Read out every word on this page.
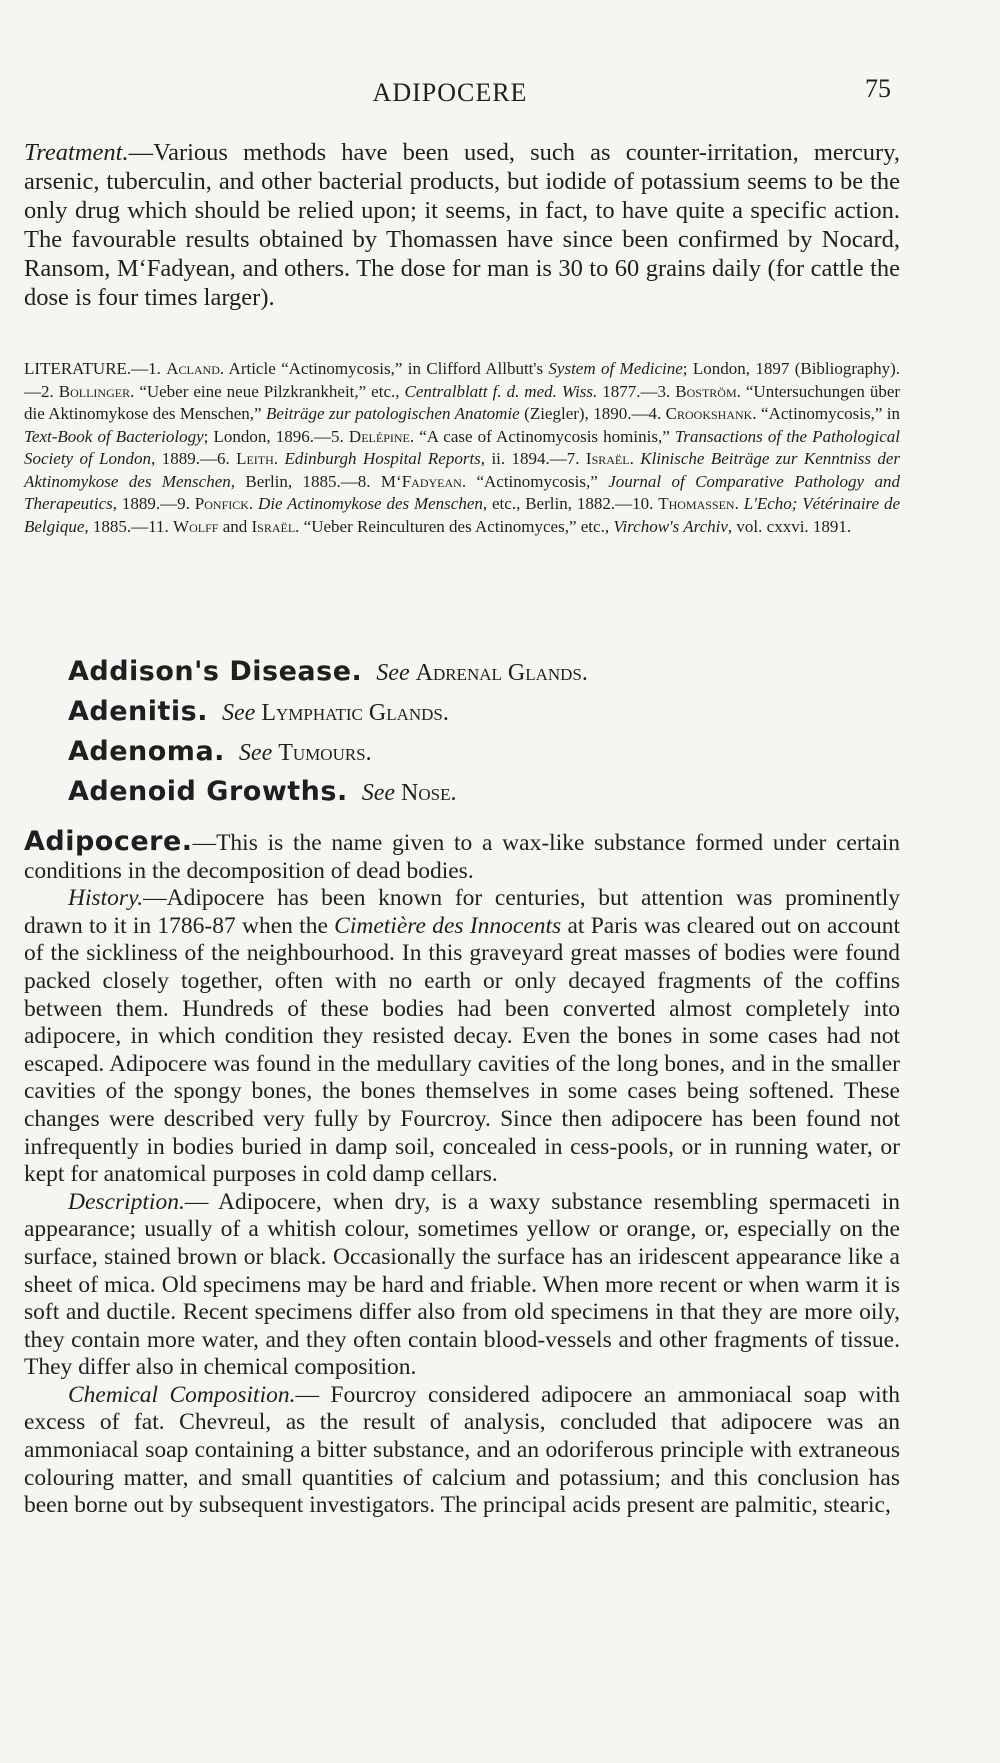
ADIPOCERE	75
Treatment.—Various methods have been used, such as counter-irritation, mercury, arsenic, tuberculin, and other bacterial products, but iodide of potassium seems to be the only drug which should be relied upon; it seems, in fact, to have quite a specific action. The favourable results obtained by Thomassen have since been confirmed by Nocard, Ransom, M‘Fadyean, and others. The dose for man is 30 to 60 grains daily (for cattle the dose is four times larger).
LITERATURE.—1. Acland. Article “Actinomycosis,” in Clifford Allbutt's System of Medicine; London, 1897 (Bibliography).—2. Bollinger. “Ueber eine neue Pilzkrankheit,” etc., Centralblatt f. d. med. Wiss. 1877.—3. Boström. “Untersuchungen über die Aktinomykose des Menschen,” Beiträge zur patologischen Anatomie (Ziegler), 1890.—4. Crookshank. “Actinomycosis,” in Text-Book of Bacteriology; London, 1896.—5. Delépine. “A case of Actinomycosis hominis,” Transactions of the Pathological Society of London, 1889.—6. Leith. Edinburgh Hospital Reports, ii. 1894.—7. Israël. Klinische Beiträge zur Kenntniss der Aktinomykose des Menschen, Berlin, 1885.—8. M‘Fadyean. “Actinomycosis,” Journal of Comparative Pathology and Therapeutics, 1889.—9. Ponfick. Die Actinomykose des Menschen, etc., Berlin, 1882.—10. Thomassen. L'Echo; Vétérinaire de Belgique, 1885.—11. Wolff and Israël. “Ueber Reinculturen des Actinomyces,” etc., Virchow's Archiv, vol. cxxvi. 1891.
Addison's Disease. See Adrenal Glands.
Adenitis. See Lymphatic Glands.
Adenoma. See Tumours.
Adenoid Growths. See Nose.

Adipocere.—This is the name given to a wax-like substance formed under certain conditions in the decomposition of dead bodies.

History.—Adipocere has been known for centuries, but attention was prominently drawn to it in 1786-87 when the Cimetière des Innocents at Paris was cleared out on account of the sickliness of the neighbourhood. In this graveyard great masses of bodies were found packed closely together, often with no earth or only decayed fragments of the coffins between them. Hundreds of these bodies had been converted almost completely into adipocere, in which condition they resisted decay. Even the bones in some cases had not escaped. Adipocere was found in the medullary cavities of the long bones, and in the smaller cavities of the spongy bones, the bones themselves in some cases being softened. These changes were described very fully by Fourcroy. Since then adipocere has been found not infrequently in bodies buried in damp soil, concealed in cess-pools, or in running water, or kept for anatomical purposes in cold damp cellars.

Description.— Adipocere, when dry, is a waxy substance resembling spermaceti in appearance; usually of a whitish colour, sometimes yellow or orange, or, especially on the surface, stained brown or black. Occasionally the surface has an iridescent appearance like a sheet of mica. Old specimens may be hard and friable. When more recent or when warm it is soft and ductile. Recent specimens differ also from old specimens in that they are more oily, they contain more water, and they often contain blood-vessels and other fragments of tissue. They differ also in chemical composition.

Chemical Composition.— Fourcroy considered adipocere an ammoniacal soap with excess of fat. Chevreul, as the result of analysis, concluded that adipocere was an ammoniacal soap containing a bitter substance, and an odoriferous principle with extraneous colouring matter, and small quantities of calcium and potassium; and this conclusion has been borne out by subsequent investigators. The principal acids present are palmitic, stearic,
